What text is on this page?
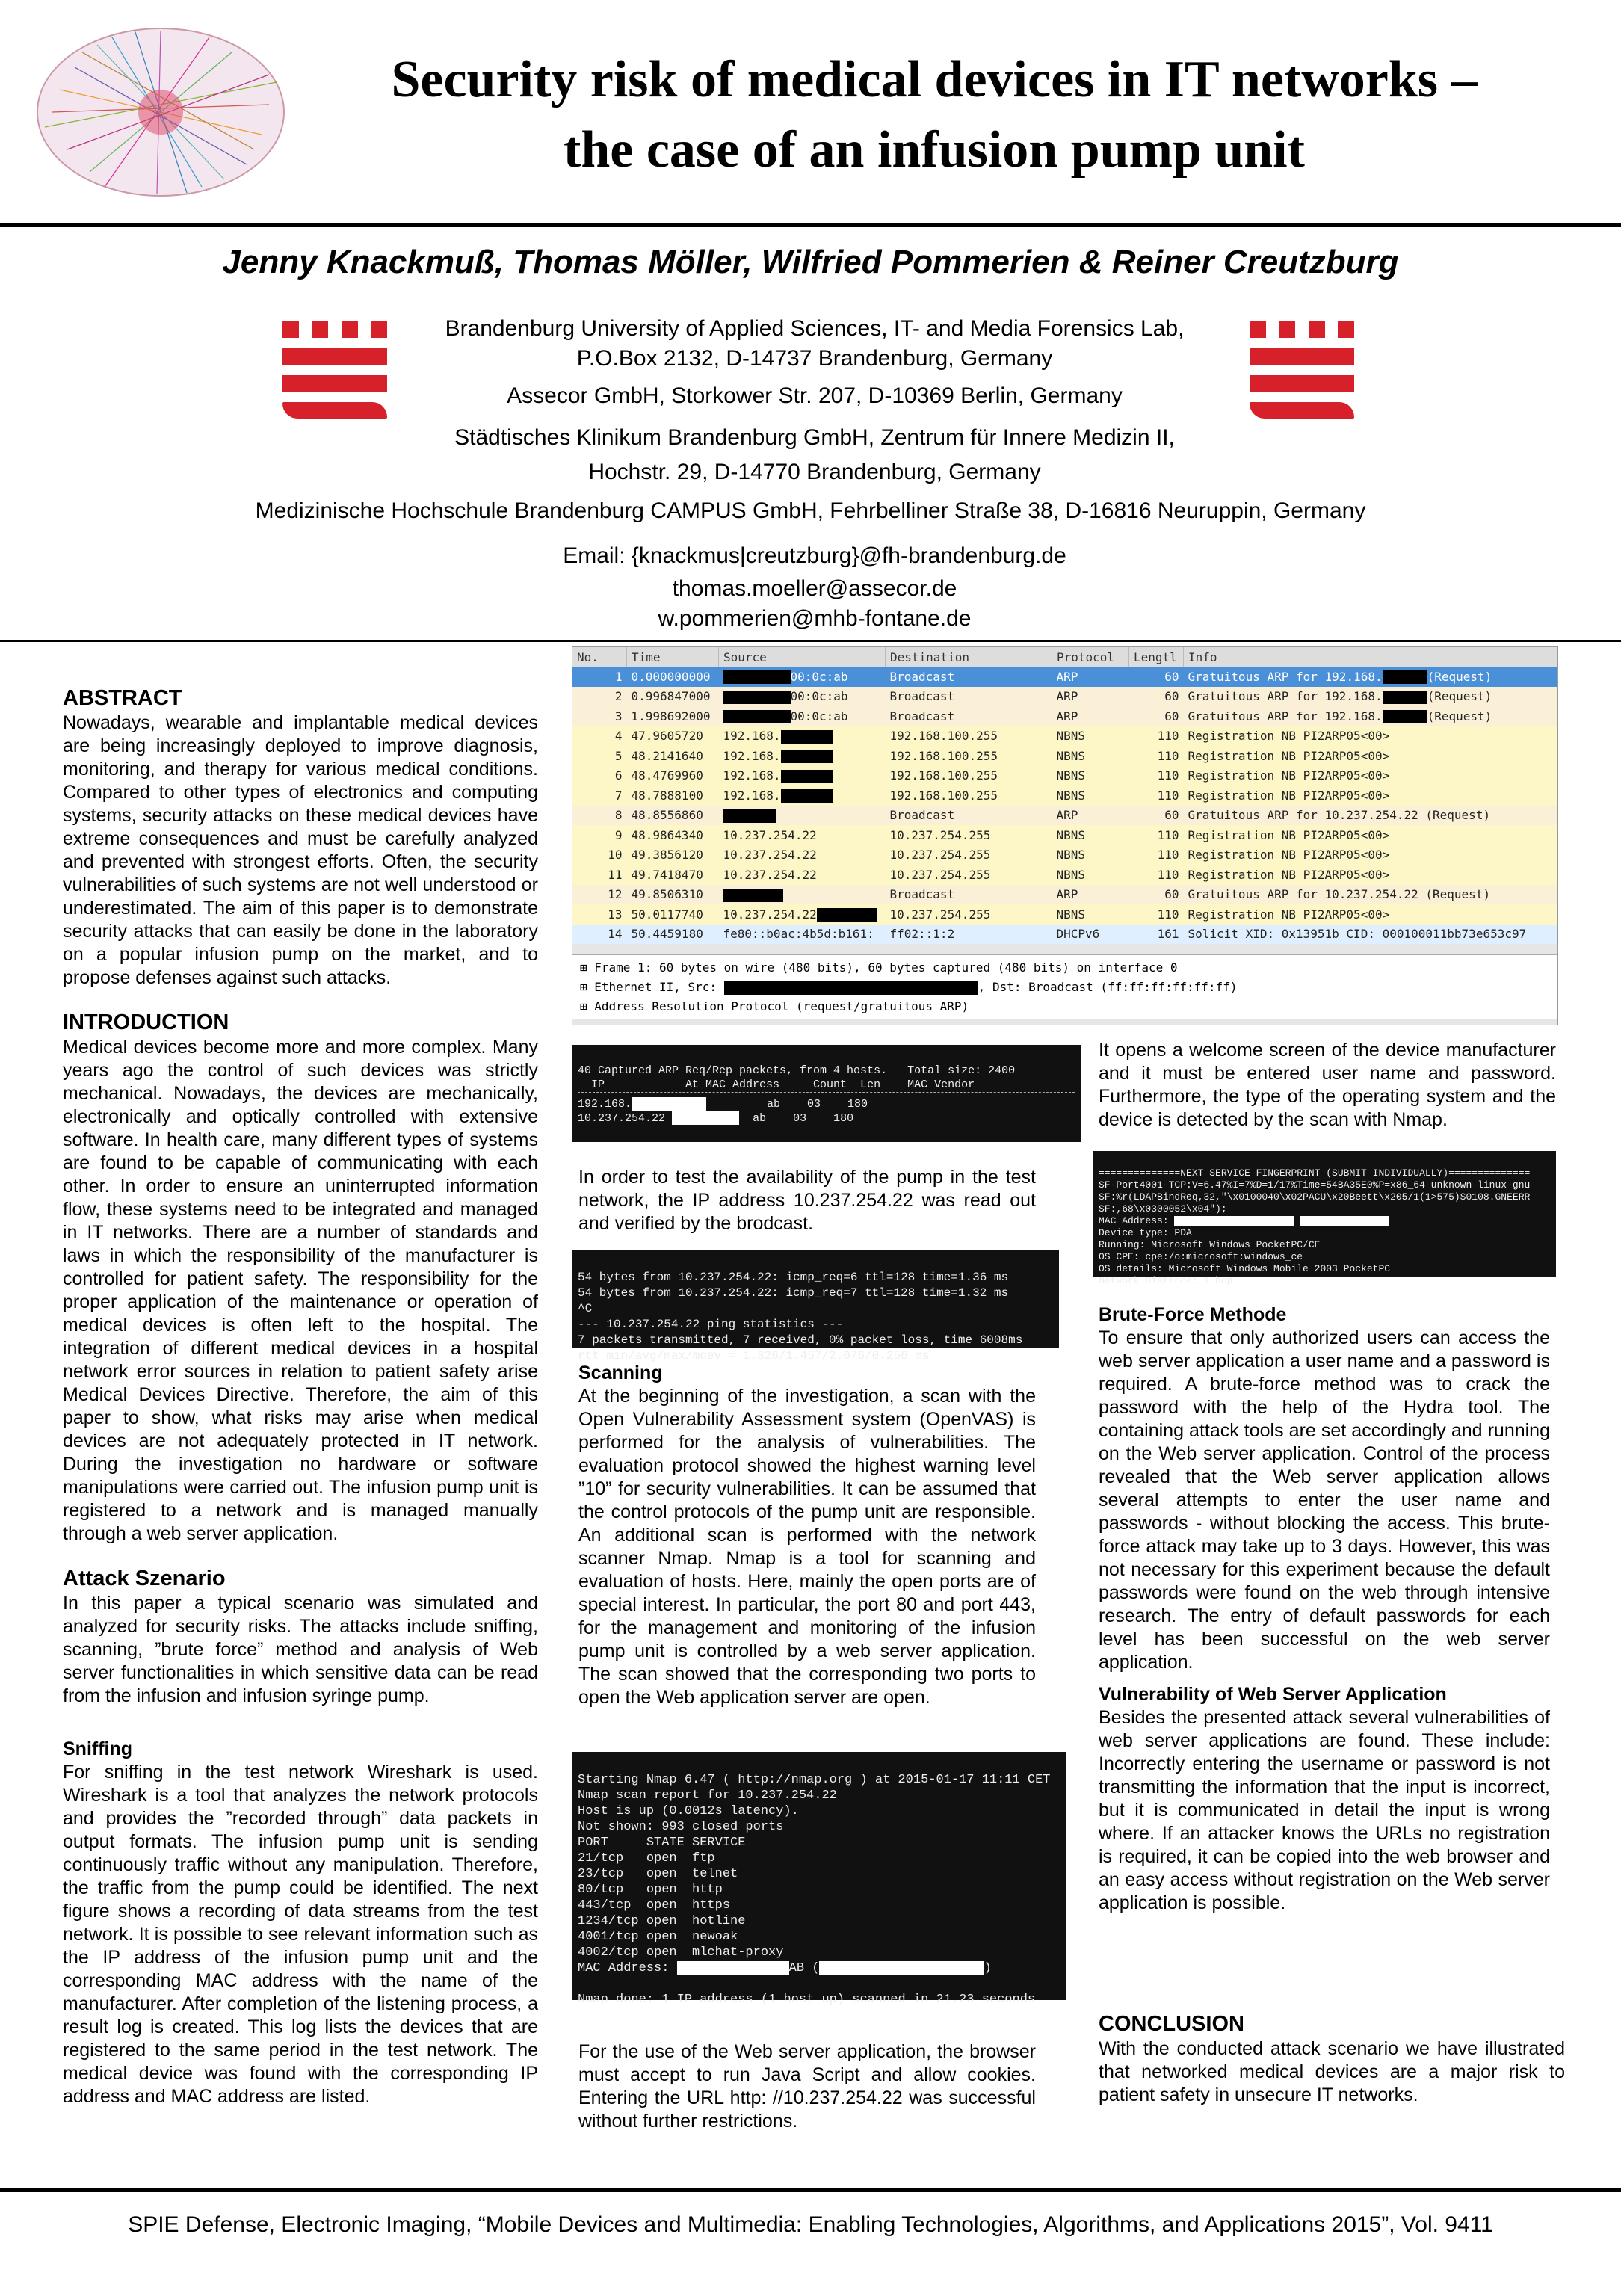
Security risk of medical devices in IT networks –
the case of an infusion pump unit
Jenny Knackmuß, Thomas Möller, Wilfried Pommerien & Reiner Creutzburg
Brandenburg University of Applied Sciences, IT- and Media Forensics Lab,
P.O.Box 2132, D-14737 Brandenburg, Germany
Assecor GmbH, Storkower Str. 207, D-10369 Berlin, Germany
Städtisches Klinikum Brandenburg GmbH, Zentrum für Innere Medizin II,
Hochstr. 29, D-14770 Brandenburg, Germany
Medizinische Hochschule Brandenburg CAMPUS GmbH, Fehrbelliner Straße 38, D-16816 Neuruppin, Germany
Email: {knackmus|creutzburg}@fh-brandenburg.de
thomas.moeller@assecor.de
w.pommerien@mhb-fontane.de
ABSTRACT

Nowadays, wearable and implantable medical devices are being increasingly deployed to improve diagnosis, monitoring, and therapy for various medical conditions. Compared to other types of electronics and computing systems, security attacks on these medical devices have extreme consequences and must be carefully analyzed and prevented with strongest efforts. Often, the security vulnerabilities of such systems are not well understood or underestimated. The aim of this paper is to demonstrate security attacks that can easily be done in the laboratory on a popular infusion pump on the market, and to propose defenses against such attacks.

INTRODUCTION

Medical devices become more and more complex. Many years ago the control of such devices was strictly mechanical. Nowadays, the devices are mechanically, electronically and optically controlled with extensive software. In health care, many different types of systems are found to be capable of communicating with each other. In order to ensure an uninterrupted information flow, these systems need to be integrated and managed in IT networks. There are a number of standards and laws in which the responsibility of the manufacturer is controlled for patient safety. The responsibility for the proper application of the maintenance or operation of medical devices is often left to the hospital. The integration of different medical devices in a hospital network error sources in relation to patient safety arise Medical Devices Directive. Therefore, the aim of this paper to show, what risks may arise when medical devices are not adequately protected in IT network. During the investigation no hardware or software manipulations were carried out. The infusion pump unit is registered to a network and is managed manually through a web server application.

Attack Szenario

In this paper a typical scenario was simulated and analyzed for security risks. The attacks include sniffing, scanning, ”brute force” method and analysis of Web server functionalities in which sensitive data can be read from the infusion and infusion syringe pump.

Sniffing

For sniffing in the test network Wireshark is used. Wireshark is a tool that analyzes the network protocols and provides the ”recorded through” data packets in output formats. The infusion pump unit is sending continuously traffic without any manipulation. Therefore, the traffic from the pump could be identified. The next figure shows a recording of data streams from the test network. It is possible to see relevant information such as the IP address of the infusion pump unit and the corresponding MAC address with the name of the manufacturer. After completion of the listening process, a result log is created. This log lists the devices that are registered to the same period in the test network. The medical device was found with the corresponding IP address and MAC address are listed.

No.	Time	Source	Destination	Protocol	Lengtl	Info
1	0.000000000	00:0c:ab	Broadcast	ARP	60	Gratuitous ARP for 192.168. (Request)
2	0.996847000	00:0c:ab	Broadcast	ARP	60	Gratuitous ARP for 192.168. (Request)
3	1.998692000	00:0c:ab	Broadcast	ARP	60	Gratuitous ARP for 192.168. (Request)
4	47.9605720	192.168.	192.168.100.255	NBNS	110	Registration NB PI2ARP05<00>
5	48.2141640	192.168.	192.168.100.255	NBNS	110	Registration NB PI2ARP05<00>
6	48.4769960	192.168.	192.168.100.255	NBNS	110	Registration NB PI2ARP05<00>
7	48.7888100	192.168.	192.168.100.255	NBNS	110	Registration NB PI2ARP05<00>
8	48.8556860		Broadcast	ARP	60	Gratuitous ARP for 10.237.254.22 (Request)
9	48.9864340	10.237.254.22	10.237.254.255	NBNS	110	Registration NB PI2ARP05<00>
10	49.3856120	10.237.254.22	10.237.254.255	NBNS	110	Registration NB PI2ARP05<00>
11	49.7418470	10.237.254.22	10.237.254.255	NBNS	110	Registration NB PI2ARP05<00>
12	49.8506310		Broadcast	ARP	60	Gratuitous ARP for 10.237.254.22 (Request)
13	50.0117740	10.237.254.22	10.237.254.255	NBNS	110	Registration NB PI2ARP05<00>
14	50.4459180	fe80::b0ac:4b5d:b161:	ff02::1:2	DHCPv6	161	Solicit XID: 0x13951b CID: 000100011bb73e653c97
⊞ Frame 1: 60 bytes on wire (480 bits), 60 bytes captured (480 bits) on interface 0
⊞ Ethernet II, Src:	, Dst: Broadcast (ff:ff:ff:ff:ff:ff)
⊞ Address Resolution Protocol (request/gratuitous ARP)

40 Captured ARP Req/Rep packets, from 4 hosts.   Total size: 2400
IP            At MAC Address     Count  Len    MAC Vendor
192.168.	ab    03    180
10.237.254.22	ab    03    180

In order to test the availability of the pump in the test network, the IP address 10.237.254.22 was read out and verified by the brodcast.

54 bytes from 10.237.254.22: icmp_req=6 ttl=128 time=1.36 ms
54 bytes from 10.237.254.22: icmp_req=7 ttl=128 time=1.32 ms
^C
--- 10.237.254.22 ping statistics ---
7 packets transmitted, 7 received, 0% packet loss, time 6008ms
rtt min/avg/max/mdev = 1.326/1.457/2.076/0.256 ms
Scanning

At the beginning of the investigation, a scan with the Open Vulnerability Assessment system (OpenVAS) is performed for the analysis of vulnerabilities. The evaluation protocol showed the highest warning level ”10” for security vulnerabilities. It can be assumed that the control protocols of the pump unit are responsible. An additional scan is performed with the network scanner Nmap. Nmap is a tool for scanning and evaluation of hosts. Here, mainly the open ports are of special interest. In particular, the port 80 and port 443, for the management and monitoring of the infusion pump unit is controlled by a web server application. The scan showed that the corresponding two ports to open the Web application server are open.

Starting Nmap 6.47 ( http://nmap.org ) at 2015-01-17 11:11 CET
Nmap scan report for 10.237.254.22
Host is up (0.0012s latency).
Not shown: 993 closed ports
PORT     STATE SERVICE
21/tcp   open  ftp
23/tcp   open  telnet
80/tcp   open  http
443/tcp  open  https
1234/tcp open  hotline
4001/tcp open  newoak
4002/tcp open  mlchat-proxy
MAC Address:	AB (	)

Nmap done: 1 IP address (1 host up) scanned in 21.23 seconds

For the use of the Web server application, the browser must accept to run Java Script and allow cookies. Entering the URL http: //10.237.254.22 was successful without further restrictions.

It opens a welcome screen of the device manufacturer and it must be entered user name and password. Furthermore, the type of the operating system and the device is detected by the scan with Nmap.

==============NEXT SERVICE FINGERPRINT (SUBMIT INDIVIDUALLY)==============
SF-Port4001-TCP:V=6.47%I=7%D=1/17%Time=54BA35E0%P=x86_64-unknown-linux-gnu
SF:%r(LDAPBindReq,32,"\x0100040\x02PACU\x20Beett\x205/1(1>575)S0108.GNEERR
SF:,68\x0300052\x04");
MAC Address:
Device type: PDA
Running: Microsoft Windows PocketPC/CE
OS CPE: cpe:/o:microsoft:windows_ce
OS details: Microsoft Windows Mobile 2003 PocketPC
Network Distance: 1 hop
Brute-Force Methode

To ensure that only authorized users can access the web server application a user name and a password is required. A brute-force method was to crack the password with the help of the Hydra tool. The containing attack tools are set accordingly and running on the Web server application. Control of the process revealed that the Web server application allows several attempts to enter the user name and passwords - without blocking the access. This brute-force attack may take up to 3 days. However, this was not necessary for this experiment because the default passwords were found on the web through intensive research. The entry of default passwords for each level has been successful on the web server application.

Vulnerability of Web Server Application

Besides the presented attack several vulnerabilities of web server applications are found. These include: Incorrectly entering the username or password is not transmitting the information that the input is incorrect, but it is communicated in detail the input is wrong where. If an attacker knows the URLs no registration is required, it can be copied into the web browser and an easy access without registration on the Web server application is possible.

CONCLUSION

With the conducted attack scenario we have illustrated that networked medical devices are a major risk to patient safety in unsecure IT networks.

SPIE Defense, Electronic Imaging, “Mobile Devices and Multimedia: Enabling Technologies, Algorithms, and Applications 2015”, Vol. 9411
